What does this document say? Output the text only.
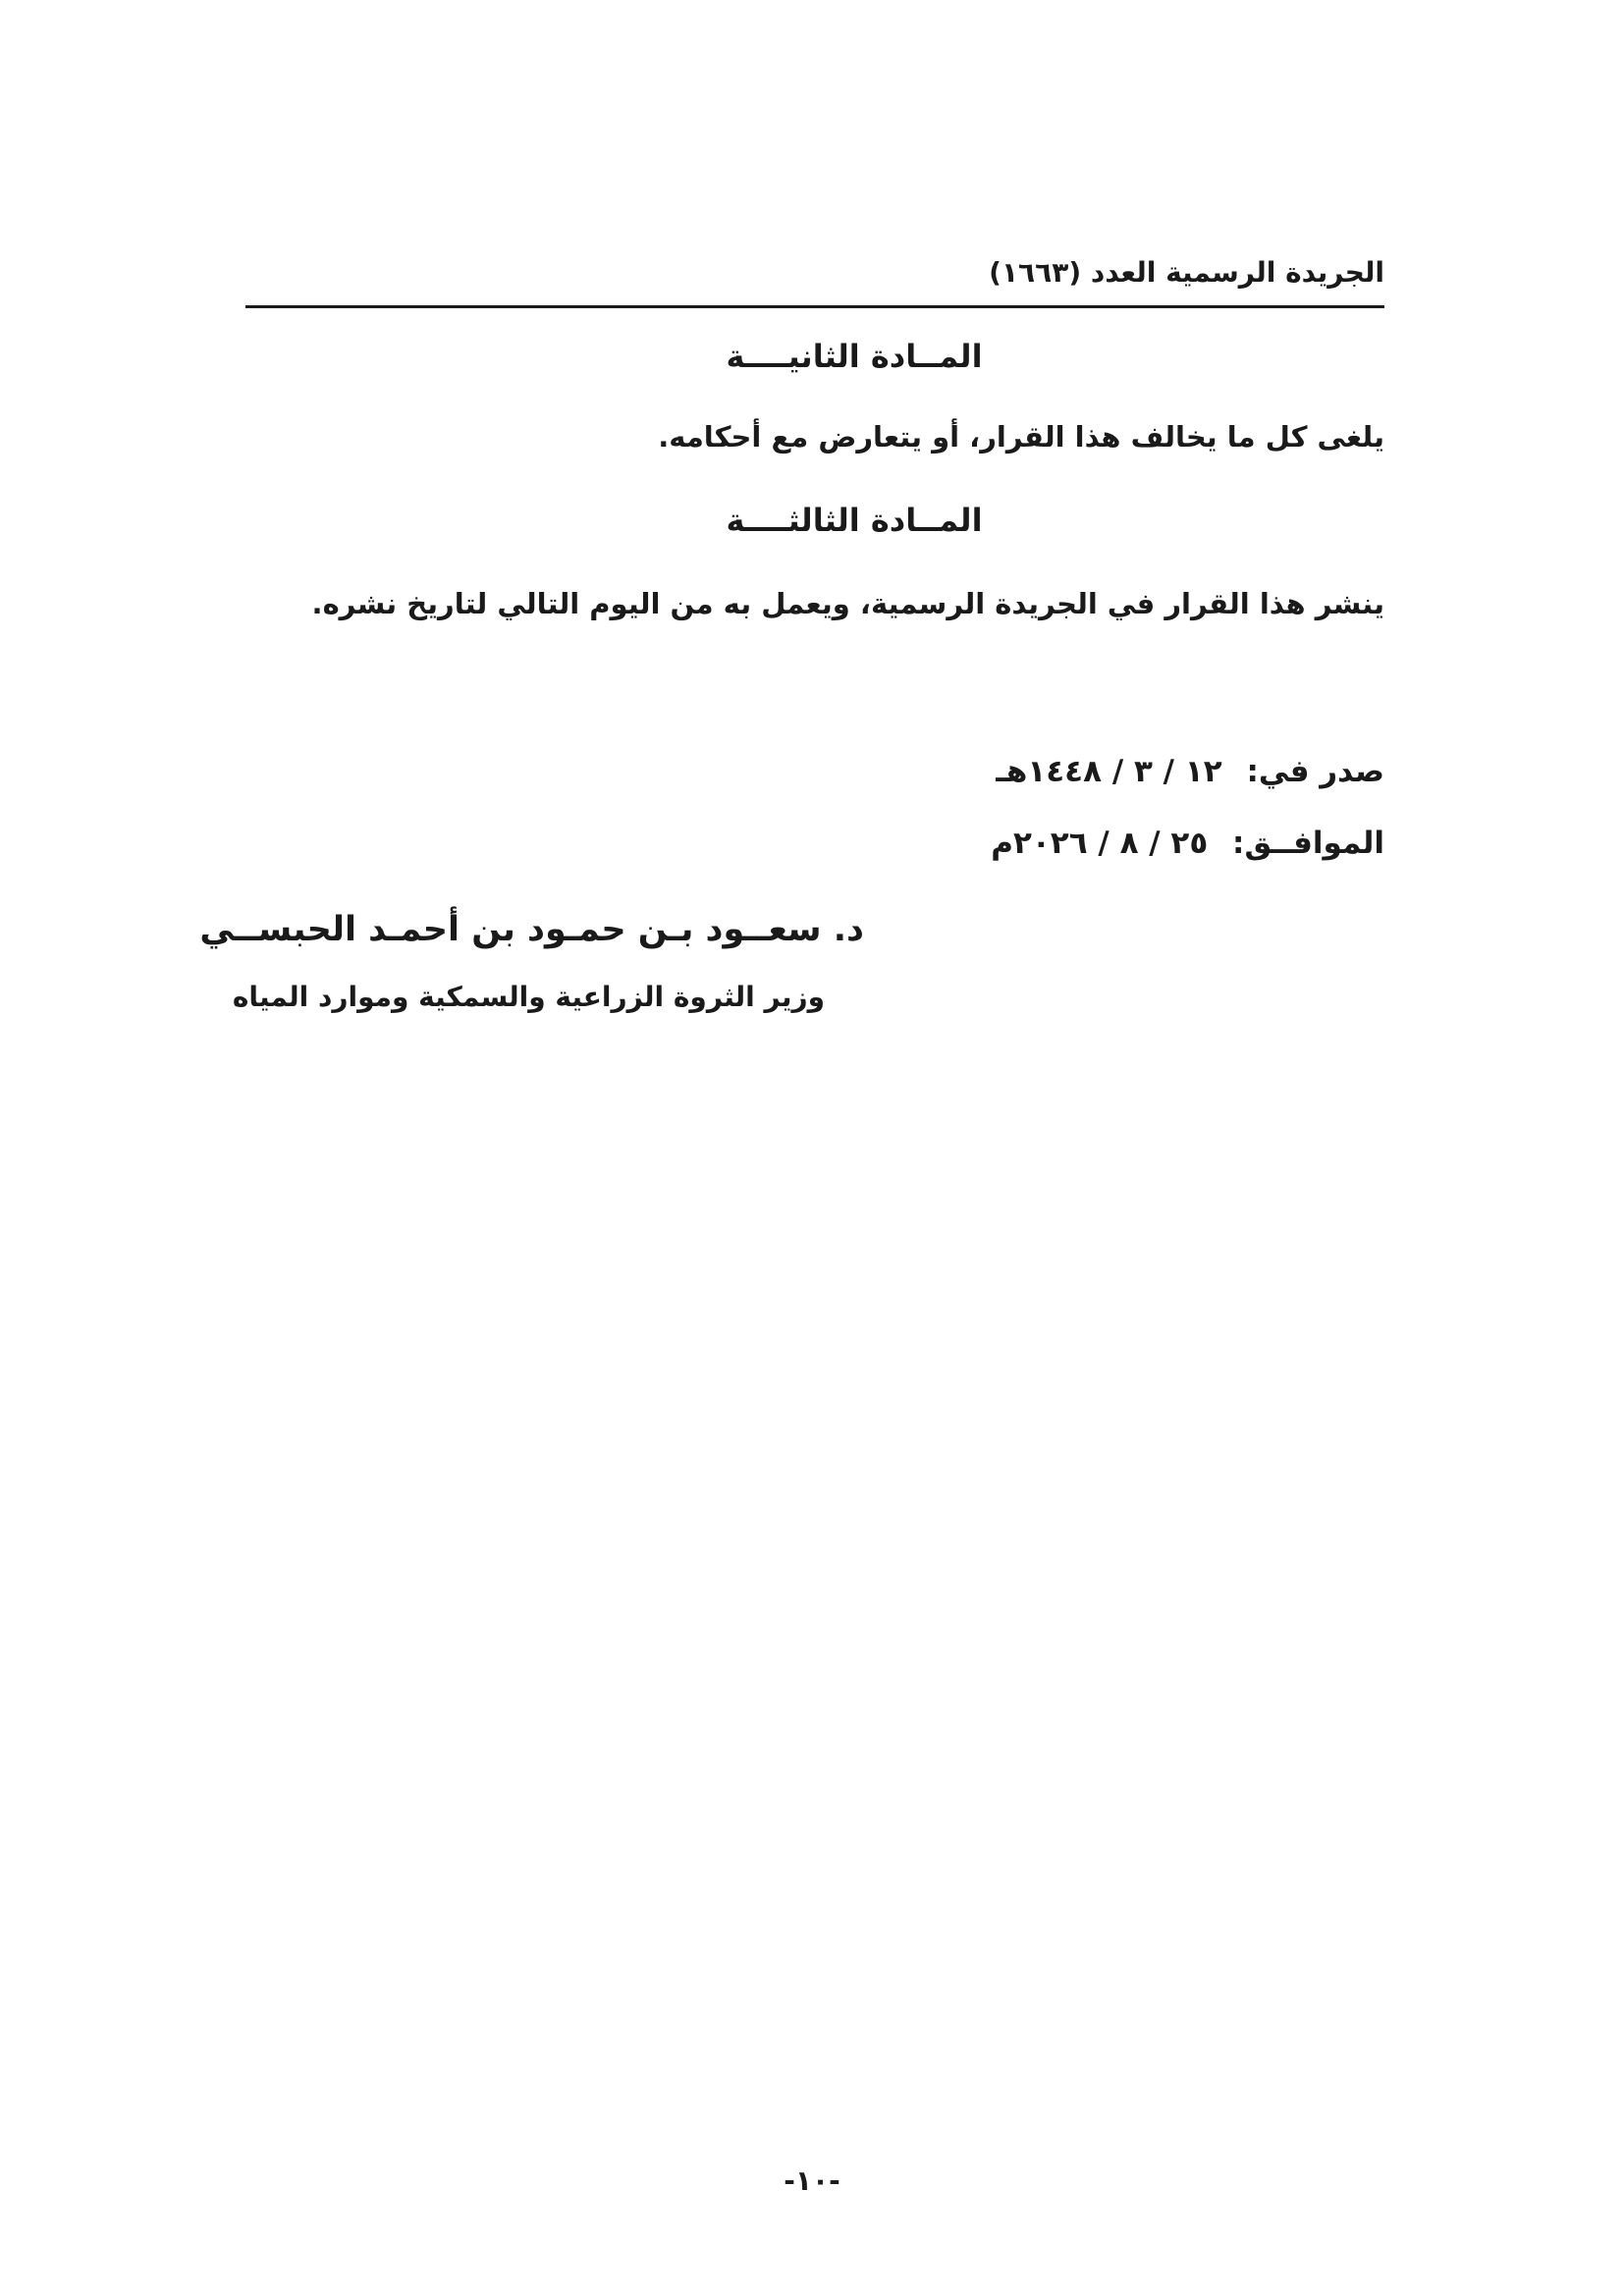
الجريدة الرسمية العدد (١٦٦٣)
المــادة الثانيــــة
يلغى كل ما يخالف هذا القرار، أو يتعارض مع أحكامه.
المــادة الثالثــــة
ينشر هذا القرار في الجريدة الرسمية، ويعمل به من اليوم التالي لتاريخ نشره.
صدر في: ١٢ / ٣ / ١٤٤٨هـ
الموافــق: ٢٥ / ٨ / ٢٠٢٦م
د. سعــود بـن حمـود بن أحمـد الحبســي
وزير الثروة الزراعية والسمكية وموارد المياه
-١٠-
